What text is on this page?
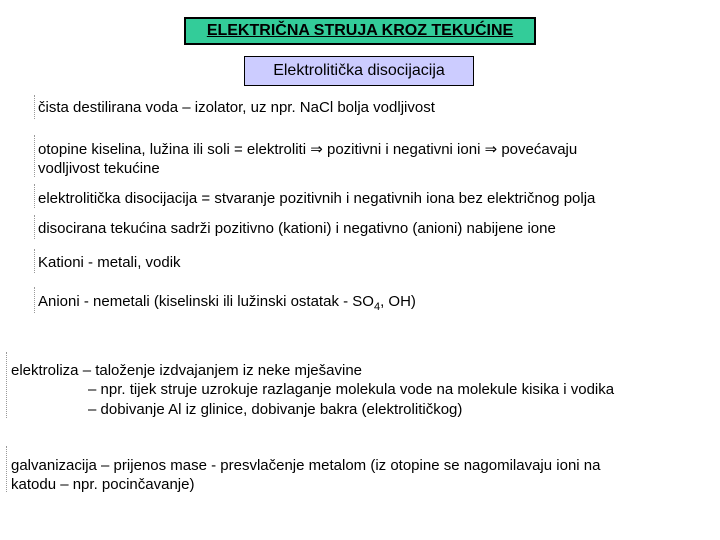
ELEKTRIČNA STRUJA KROZ TEKUĆINE
Elektrolitička disocijacija
čista destilirana voda – izolator, uz npr. NaCl bolja vodljivost
otopine kiselina, lužina ili soli = elektroliti ⇒ pozitivni i negativni ioni ⇒ povećavaju
vodljivost tekućine
elektrolitička disocijacija = stvaranje pozitivnih i negativnih iona bez električnog polja
disocirana tekućina sadrži pozitivno (kationi) i negativno (anioni) nabijene ione
Kationi - metali, vodik
Anioni - nemetali (kiselinski ili lužinski ostatak - $SO_4$, OH)
elektroliza – taloženje izdvajanjem iz neke mješavine
– npr. tijek struje uzrokuje razlaganje molekula vode na molekule kisika i vodika
– dobivanje Al iz glinice, dobivanje bakra (elektrolitičkog)
galvanizacija – prijenos mase - presvlačenje metalom (iz otopine se nagomilavaju ioni na
katodu – npr. pocinčavanje)
